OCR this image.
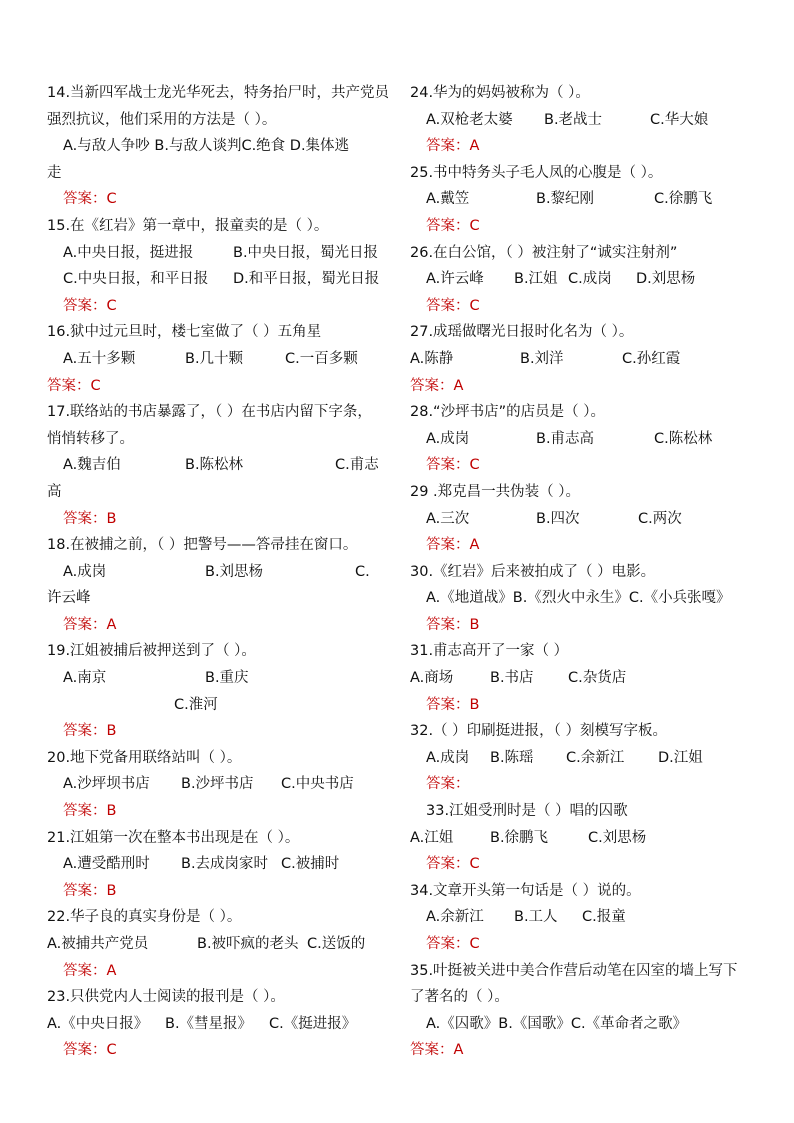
14.当新四军战士龙光华死去，特务抬尸时，共产党员
强烈抗议，他们采用的方法是（ ）。
A.与敌人争吵 B.与敌人谈判C.绝食 D.集体逃
走
答案：C
15.在《红岩》第一章中，报童卖的是（ ）。
A.中央日报，挺进报	B.中央日报，蜀光日报
C.中央日报，和平日报	D.和平日报，蜀光日报
答案：C
16.狱中过元旦时，楼七室做了（ ）五角星
A.五十多颗	B.几十颗	C.一百多颗
答案：C
17.联络站的书店暴露了，（ ）在书店内留下字条，
悄悄转移了。
A.魏吉伯	B.陈松林	C.甫志
高
答案：B
18.在被捕之前，（ ）把警号——答帚挂在窗口。
A.成岗	B.刘思杨	C.
许云峰
答案：A
19.江姐被捕后被押送到了（ ）。
A.南京	B.重庆
C.淮河
答案：B
20.地下党备用联络站叫（ ）。
A.沙坪坝书店	B.沙坪书店	C.中央书店
答案：B
21.江姐第一次在整本书出现是在（ ）。
A.遭受酷刑时	B.去成岗家时 C.被捕时
答案：B
22.华子良的真实身份是（ ）。
A.被捕共产党员	B.被吓疯的老头 C.送饭的
答案：A
23.只供党内人士阅读的报刊是（ ）。
A.《中央日报》	B.《彗星报》	C.《挺进报》
答案：C
24.华为的妈妈被称为（ ）。
A.双枪老太婆	B.老战士	C.华大娘
答案：A
25.书中特务头子毛人凤的心腹是（ ）。
A.戴笠	B.黎纪刚	C.徐鹏飞
答案：C
26.在白公馆，（ ）被注射了“诚实注射剂”
A.许云峰	B.江姐 C.成岗	D.刘思杨
答案：C
27.成瑶做曙光日报时化名为（ ）。
A.陈静	B.刘洋	C.孙红霞
答案：A
28.“沙坪书店”的店员是（ ）。
A.成岗	B.甫志高	C.陈松林
答案：C
29 .郑克昌一共伪装（ ）。
A.三次	B.四次	C.两次
答案：A
30.《红岩》后来被拍成了（ ）电影。
A.《地道战》B.《烈火中永生》C.《小兵张嘎》
答案：B
31.甫志高开了一家（ ）
A.商场	B.书店	C.杂货店
答案：B
32.（ ）印刷挺进报，（ ）刻模写字板。
A.成岗	B.陈瑶	C.余新江	D.江姐
答案：
33.江姐受刑时是（ ）唱的囚歌
A.江姐	B.徐鹏飞	C.刘思杨
答案：C
34.文章开头第一句话是（ ）说的。
A.余新江	B.工人	C.报童
答案：C
35.叶挺被关进中美合作营后动笔在囚室的墙上写下
了著名的（ ）。
A.《囚歌》B.《国歌》C.《革命者之歌》
答案：A
